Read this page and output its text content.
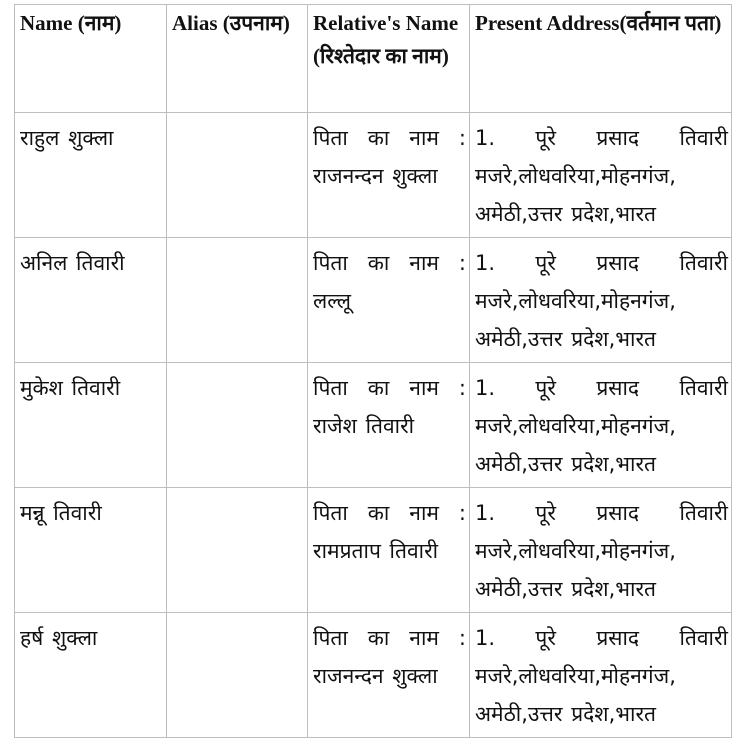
Name (नाम)	Alias (उपनाम)	Relative's Name (रिश्तेदार का नाम)	Present Address(वर्तमान पता)
राहुल शुक्ला		पिता का नाम : राजनन्दन शुक्ला	1. पूरे प्रसाद तिवारी मजरे,लोधवरिया,मोहनगंज, अमेठी,उत्तर प्रदेश,भारत
अनिल तिवारी		पिता का नाम : लल्लू	1. पूरे प्रसाद तिवारी मजरे,लोधवरिया,मोहनगंज, अमेठी,उत्तर प्रदेश,भारत
मुकेश तिवारी		पिता का नाम : राजेश तिवारी	1. पूरे प्रसाद तिवारी मजरे,लोधवरिया,मोहनगंज, अमेठी,उत्तर प्रदेश,भारत
मन्नू तिवारी		पिता का नाम : रामप्रताप तिवारी	1. पूरे प्रसाद तिवारी मजरे,लोधवरिया,मोहनगंज, अमेठी,उत्तर प्रदेश,भारत
हर्ष शुक्ला		पिता का नाम : राजनन्दन शुक्ला	1. पूरे प्रसाद तिवारी मजरे,लोधवरिया,मोहनगंज, अमेठी,उत्तर प्रदेश,भारत
